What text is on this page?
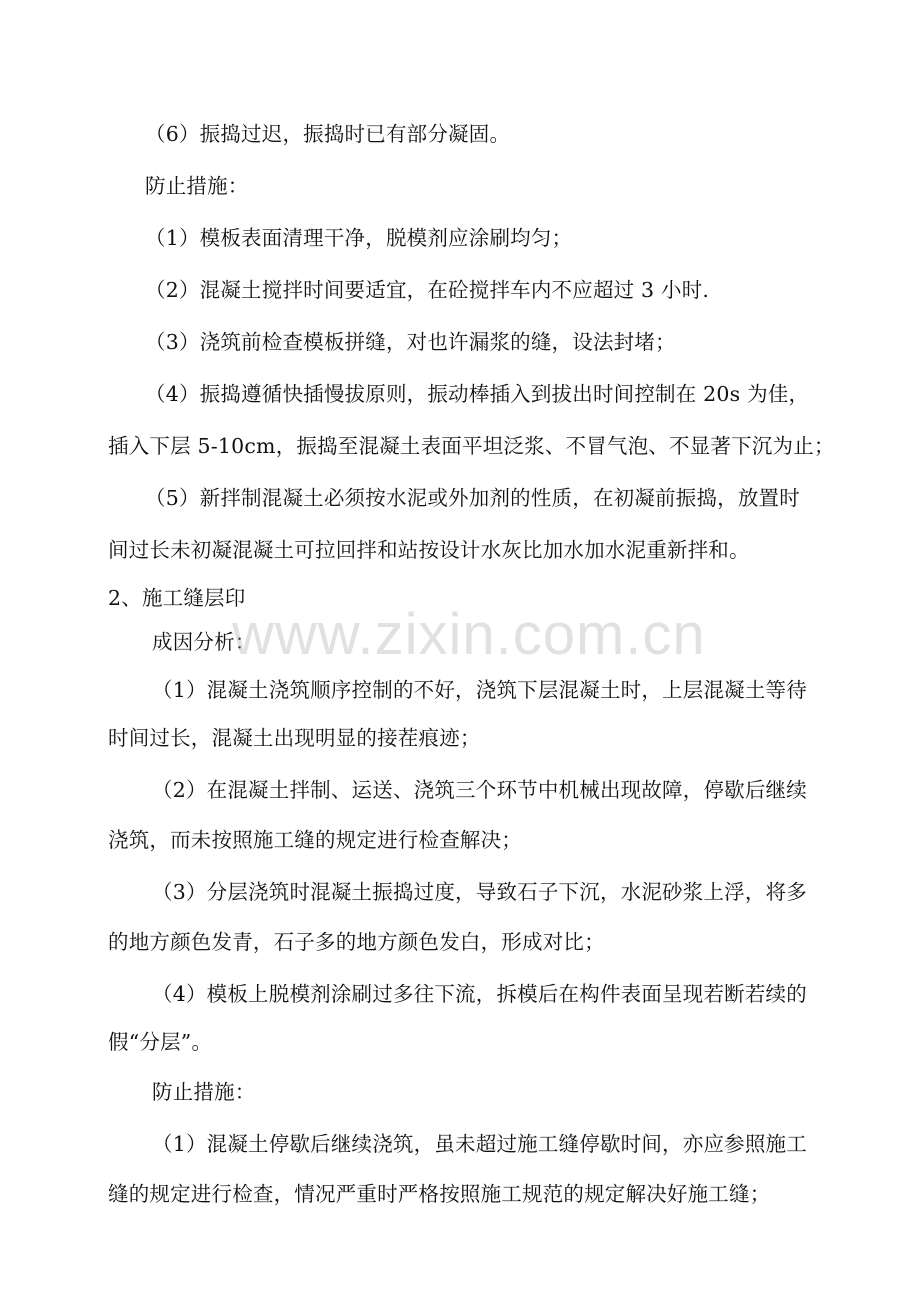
（6）振捣过迟，振捣时已有部分凝固。
防止措施：
（1）模板表面清理干净，脱模剂应涂刷均匀；
（2）混凝土搅拌时间要适宜，在砼搅拌车内不应超过 3 小时.
（3）浇筑前检查模板拼缝，对也许漏浆的缝，设法封堵；
（4）振捣遵循快插慢拔原则，振动棒插入到拔出时间控制在 20s 为佳，
插入下层 5-10cm，振捣至混凝土表面平坦泛浆、不冒气泡、不显著下沉为止；
（5）新拌制混凝土必须按水泥或外加剂的性质，在初凝前振捣，放置时
间过长未初凝混凝土可拉回拌和站按设计水灰比加水加水泥重新拌和。
2、施工缝层印
成因分析：
（1）混凝土浇筑顺序控制的不好，浇筑下层混凝土时，上层混凝土等待
时间过长，混凝土出现明显的接茬痕迹；
（2）在混凝土拌制、运送、浇筑三个环节中机械出现故障，停歇后继续
浇筑，而未按照施工缝的规定进行检查解决；
（3）分层浇筑时混凝土振捣过度，导致石子下沉，水泥砂浆上浮，将多
的地方颜色发青，石子多的地方颜色发白，形成对比；
（4）模板上脱模剂涂刷过多往下流，拆模后在构件表面呈现若断若续的
假“分层”。
防止措施：
（1）混凝土停歇后继续浇筑，虽未超过施工缝停歇时间，亦应参照施工
缝的规定进行检查，情况严重时严格按照施工规范的规定解决好施工缝；
www.zixin.com.cn
